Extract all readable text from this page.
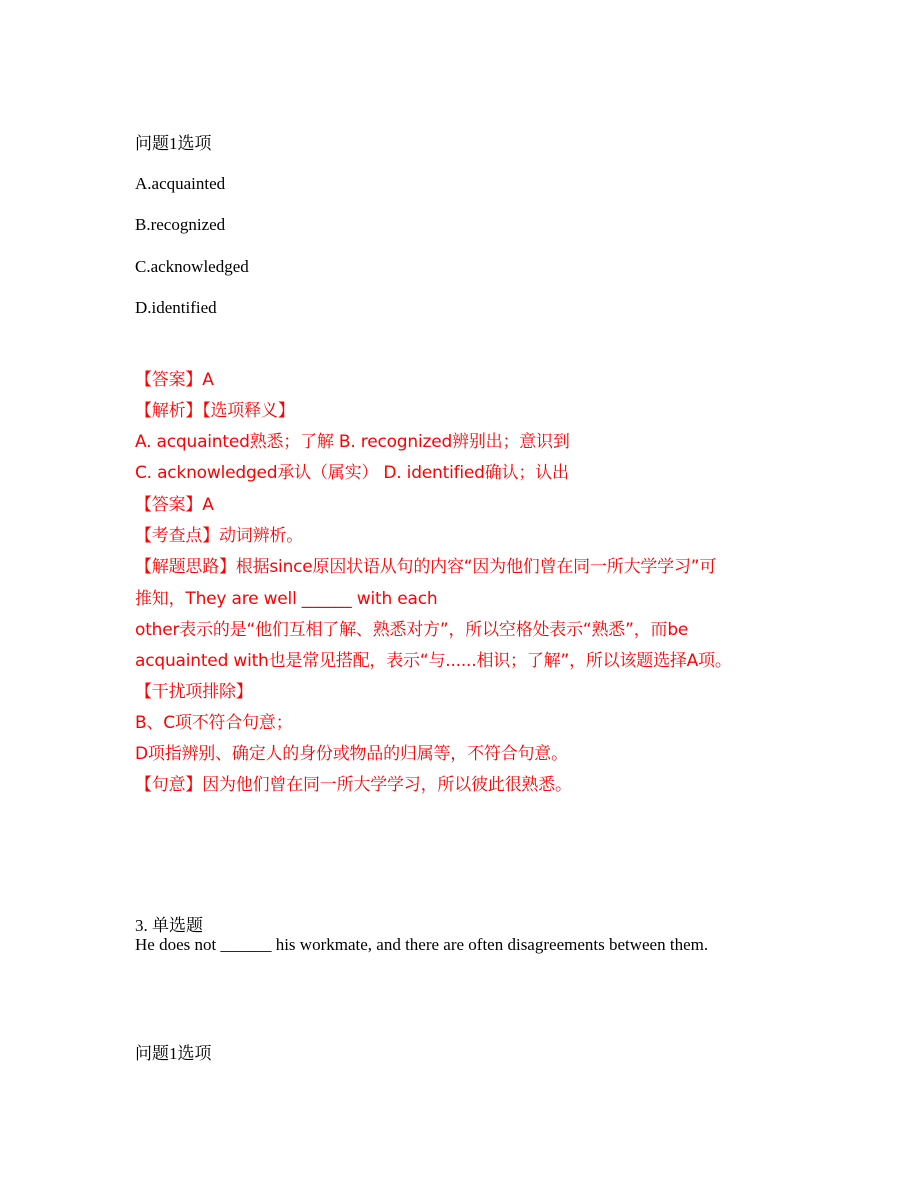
问题1选项
A.acquainted
B.recognized
C.acknowledged
D.identified
【答案】A
【解析】【选项释义】
A. acquainted熟悉；了解 B. recognized辨别出；意识到
C. acknowledged承认（属实） D. identified确认；认出
【答案】A
【考查点】动词辨析。
【解题思路】根据since原因状语从句的内容“因为他们曾在同一所大学学习”可
推知，They are well ______ with each
other表示的是“他们互相了解、熟悉对方”，所以空格处表示“熟悉”，而be
acquainted with也是常见搭配，表示“与......相识；了解”，所以该题选择A项。
【干扰项排除】
B、C项不符合句意；
D项指辨别、确定人的身份或物品的归属等，不符合句意。
【句意】因为他们曾在同一所大学学习，所以彼此很熟悉。
3. 单选题
He does not ______ his workmate, and there are often disagreements between them.
问题1选项
